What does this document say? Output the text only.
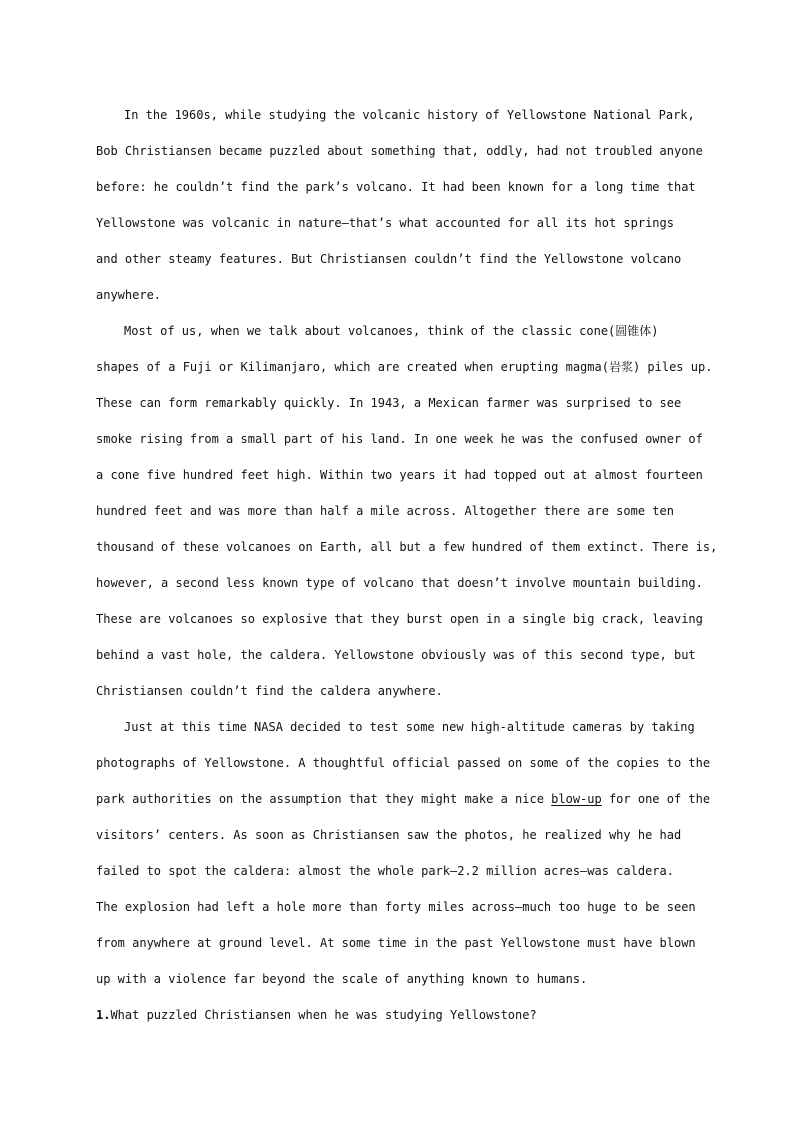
In the 1960s, while studying the volcanic history of Yellowstone National Park,
Bob Christiansen became puzzled about something that, oddly, had not troubled anyone
before: he couldn’t find the park’s volcano. It had been known for a long time that
Yellowstone was volcanic in nature—that’s what accounted for all its hot springs
and other steamy features. But Christiansen couldn’t find the Yellowstone volcano
anywhere.
Most of us, when we talk about volcanoes, think of the classic cone(圆锥体)
shapes of a Fuji or Kilimanjaro, which are created when erupting magma(岩浆) piles up.
These can form remarkably quickly. In 1943, a Mexican farmer was surprised to see
smoke rising from a small part of his land. In one week he was the confused owner of
a cone five hundred feet high. Within two years it had topped out at almost fourteen
hundred feet and was more than half a mile across. Altogether there are some ten
thousand of these volcanoes on Earth, all but a few hundred of them extinct. There is,
however, a second less known type of volcano that doesn’t involve mountain building.
These are volcanoes so explosive that they burst open in a single big crack, leaving
behind a vast hole, the caldera. Yellowstone obviously was of this second type, but
Christiansen couldn’t find the caldera anywhere.
Just at this time NASA decided to test some new high-altitude cameras by taking
photographs of Yellowstone. A thoughtful official passed on some of the copies to the
park authorities on the assumption that they might make a nice blow-up for one of the
visitors’ centers. As soon as Christiansen saw the photos, he realized why he had
failed to spot the caldera: almost the whole park—2.2 million acres—was caldera.
The explosion had left a hole more than forty miles across—much too huge to be seen
from anywhere at ground level. At some time in the past Yellowstone must have blown
up with a violence far beyond the scale of anything known to humans.
1.What puzzled Christiansen when he was studying Yellowstone?
